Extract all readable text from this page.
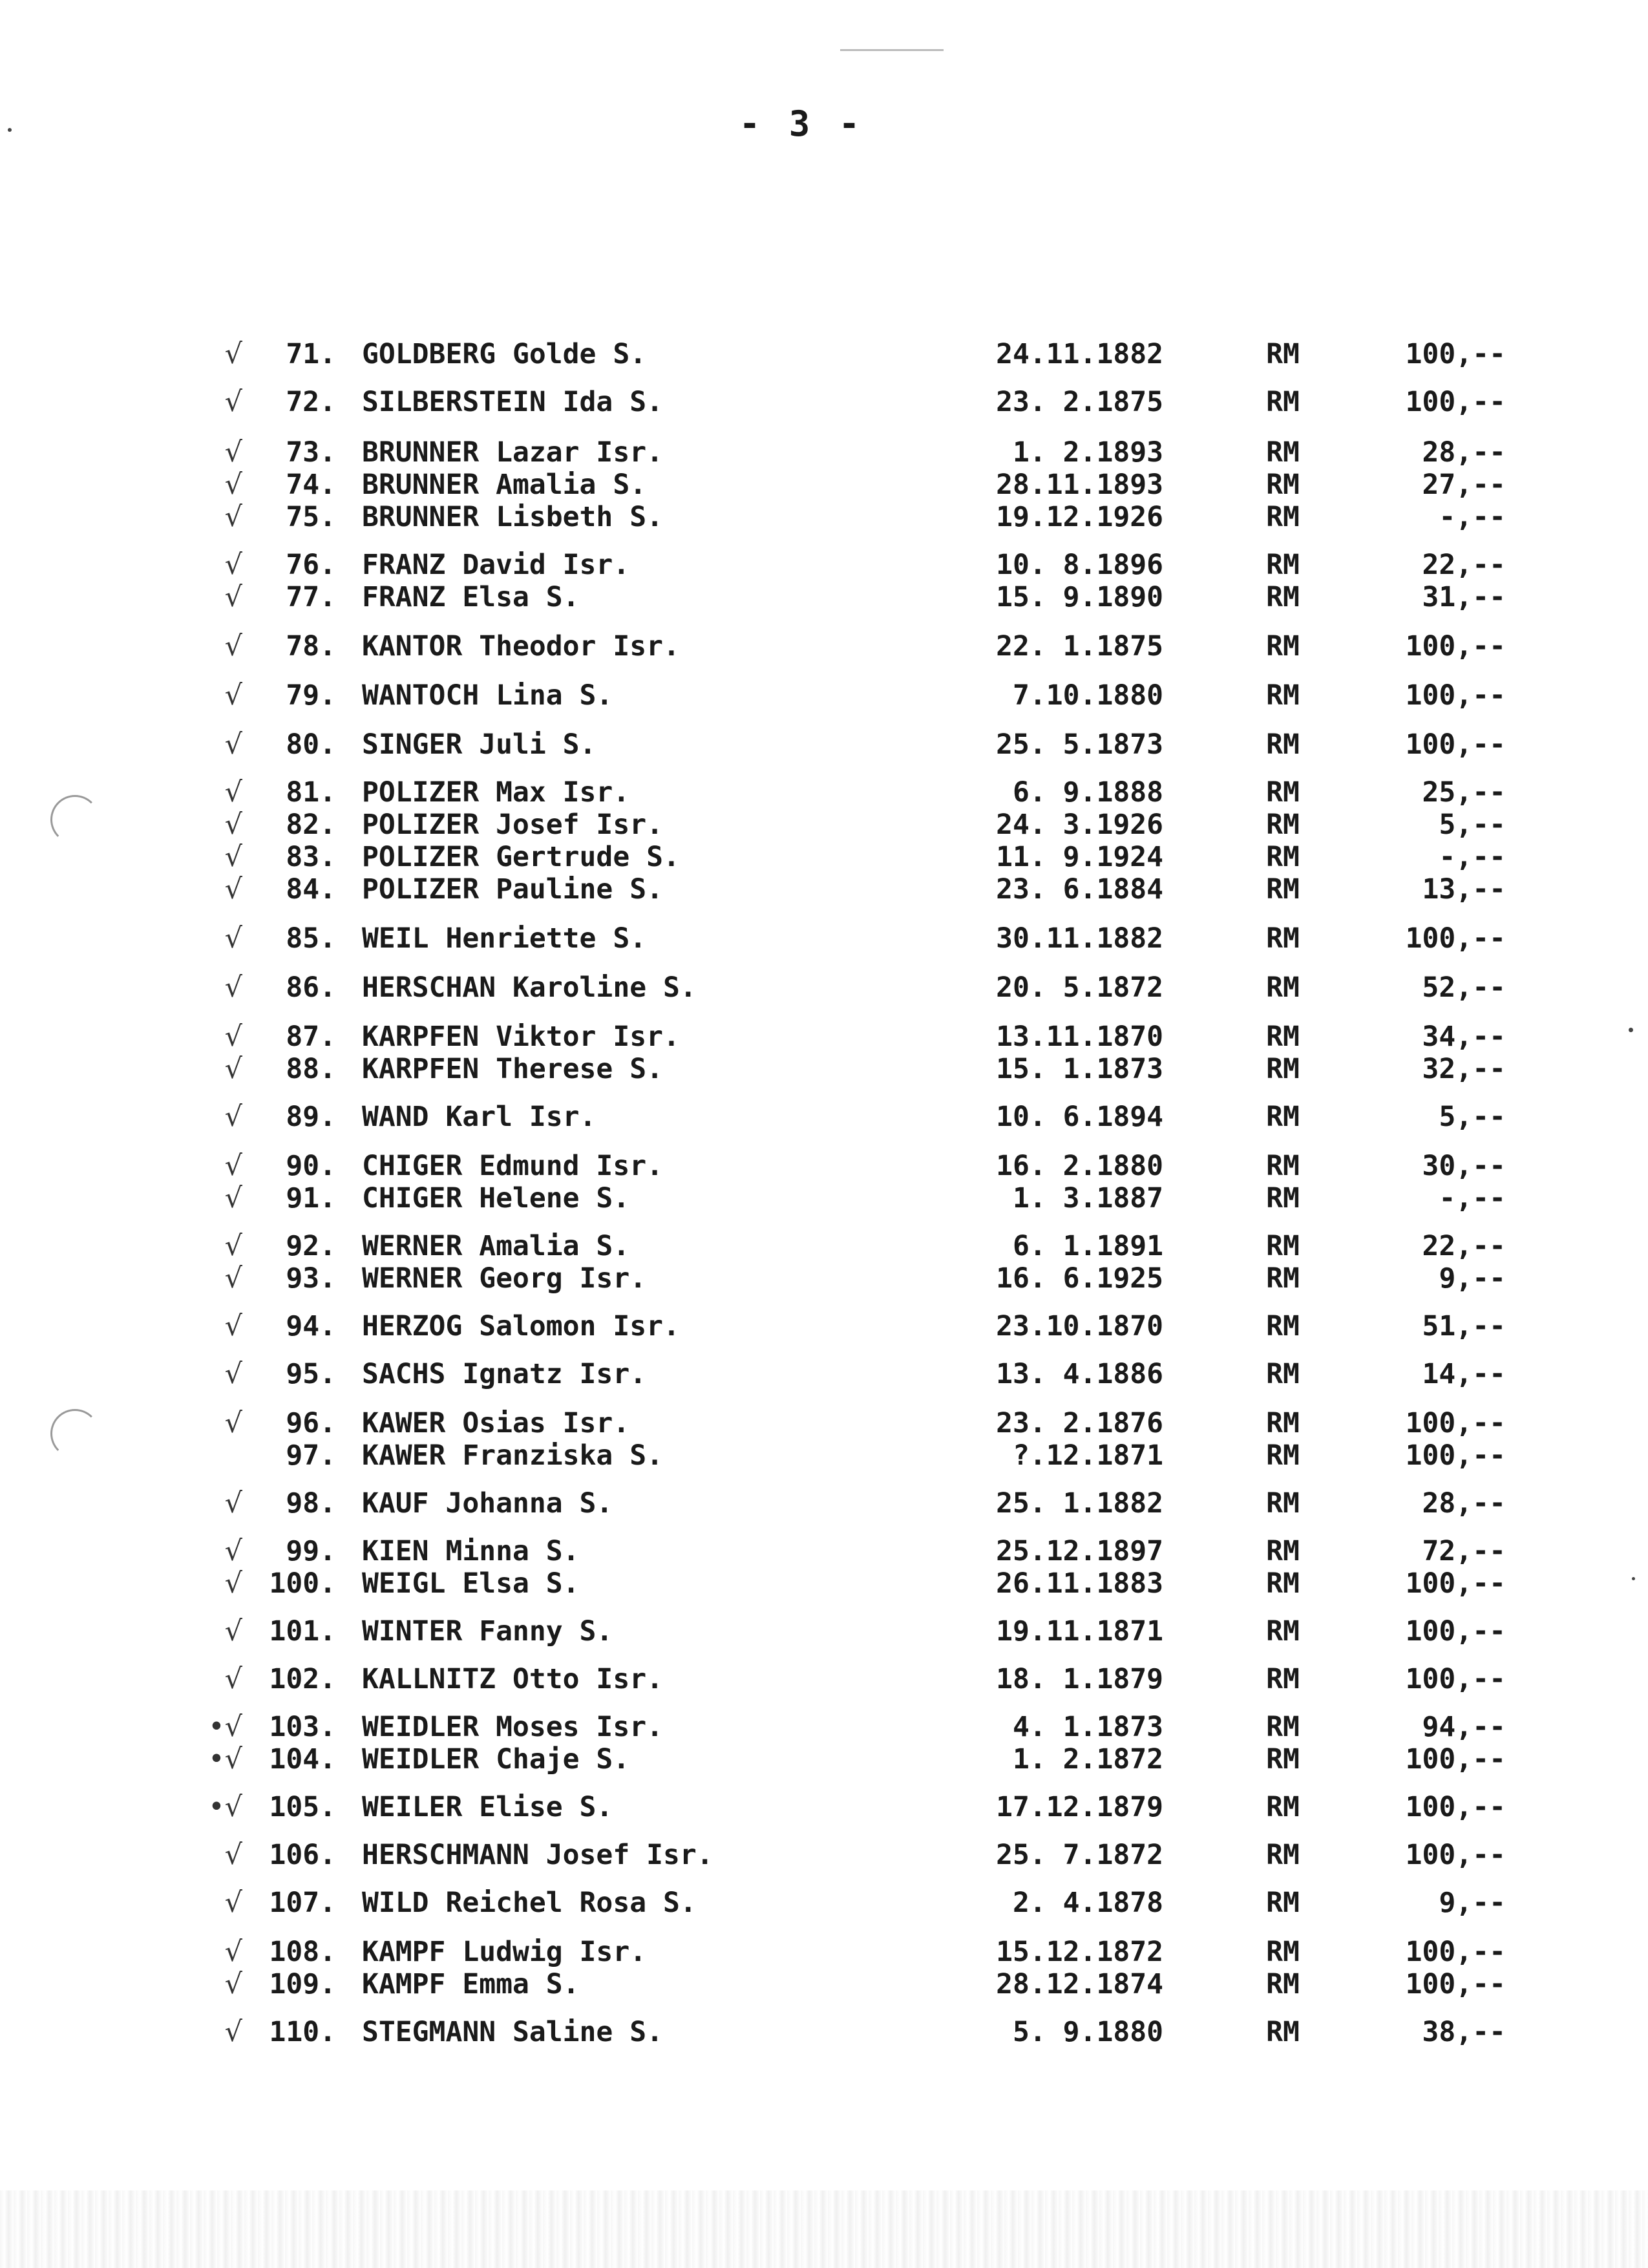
- 3 -
√	71. GOLDBERG Golde S.	24.11.1882	RM	100,--
√	72. SILBERSTEIN Ida S.	23. 2.1875	RM	100,--
√	73. BRUNNER Lazar Isr.	1. 2.1893	RM	28,--
√	74. BRUNNER Amalia S.	28.11.1893	RM	27,--
√	75. BRUNNER Lisbeth S.	19.12.1926	RM	-,--
√	76. FRANZ David Isr.	10. 8.1896	RM	22,--
√	77. FRANZ Elsa S.	15. 9.1890	RM	31,--
√	78. KANTOR Theodor Isr.	22. 1.1875	RM	100,--
√	79. WANTOCH Lina S.	7.10.1880	RM	100,--
√	80. SINGER Juli S.	25. 5.1873	RM	100,--
√	81. POLIZER Max Isr.	6. 9.1888	RM	25,--
√	82. POLIZER Josef Isr.	24. 3.1926	RM	5,--
√	83. POLIZER Gertrude S.	11. 9.1924	RM	-,--
√	84. POLIZER Pauline S.	23. 6.1884	RM	13,--
√	85. WEIL Henriette S.	30.11.1882	RM	100,--
√	86. HERSCHAN Karoline S.	20. 5.1872	RM	52,--
√	87. KARPFEN Viktor Isr.	13.11.1870	RM	34,--
√	88. KARPFEN Therese S.	15. 1.1873	RM	32,--
√	89. WAND Karl Isr.	10. 6.1894	RM	5,--
√	90. CHIGER Edmund Isr.	16. 2.1880	RM	30,--
√	91. CHIGER Helene S.	1. 3.1887	RM	-,--
√	92. WERNER Amalia S.	6. 1.1891	RM	22,--
√	93. WERNER Georg Isr.	16. 6.1925	RM	9,--
√	94. HERZOG Salomon Isr.	23.10.1870	RM	51,--
√	95. SACHS Ignatz Isr.	13. 4.1886	RM	14,--
√	96. KAWER Osias Isr.	23. 2.1876	RM	100,--
97. KAWER Franziska S.	?.12.1871	RM	100,--
√	98. KAUF Johanna S.	25. 1.1882	RM	28,--
√	99. KIEN Minna S.	25.12.1897	RM	72,--
√ 100. WEIGL Elsa S.	26.11.1883	RM	100,--
√ 101. WINTER Fanny S.	19.11.1871	RM	100,--
√ 102. KALLNITZ Otto Isr.	18. 1.1879	RM	100,--
•√ 103. WEIDLER Moses Isr.	4. 1.1873	RM	94,--
•√ 104. WEIDLER Chaje S.	1. 2.1872	RM	100,--
•√ 105. WEILER Elise S.	17.12.1879	RM	100,--
√ 106. HERSCHMANN Josef Isr.	25. 7.1872	RM	100,--
√ 107. WILD Reichel Rosa S.	2. 4.1878	RM	9,--
√ 108. KAMPF Ludwig Isr.	15.12.1872	RM	100,--
√ 109. KAMPF Emma S.	28.12.1874	RM	100,--
√ 110. STEGMANN Saline S.	5. 9.1880	RM	38,--
